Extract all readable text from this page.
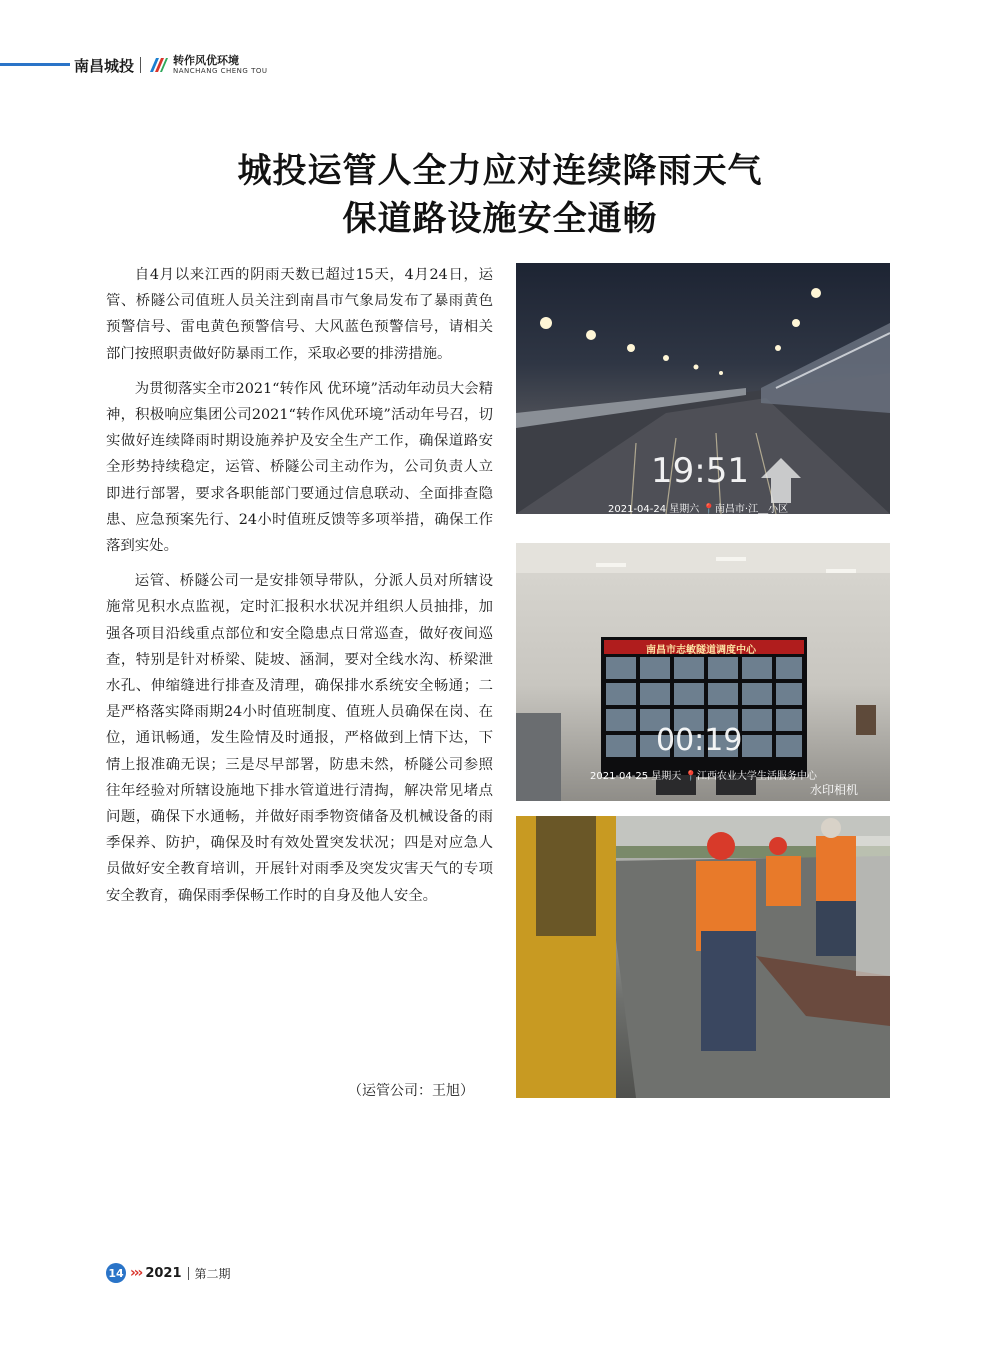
南昌城投	转作风优环境
NANCHANG CHENG TOU
城投运管人全力应对连续降雨天气
保道路设施安全通畅

自4月以来江西的阴雨天数已超过15天，4月24日，运管、桥隧公司值班人员关注到南昌市气象局发布了暴雨黄色预警信号、雷电黄色预警信号、大风蓝色预警信号，请相关部门按照职责做好防暴雨工作，采取必要的排涝措施。

为贯彻落实全市2021“转作风 优环境”活动年动员大会精神，积极响应集团公司2021“转作风优环境”活动年号召，切实做好连续降雨时期设施养护及安全生产工作，确保道路安全形势持续稳定，运管、桥隧公司主动作为，公司负责人立即进行部署，要求各职能部门要通过信息联动、全面排查隐患、应急预案先行、24小时值班反馈等多项举措，确保工作落到实处。

运管、桥隧公司一是安排领导带队，分派人员对所辖设施常见积水点监视，定时汇报积水状况并组织人员抽排，加强各项目沿线重点部位和安全隐患点日常巡查，做好夜间巡查，特别是针对桥梁、陡坡、涵洞，要对全线水沟、桥梁泄水孔、伸缩缝进行排查及清理，确保排水系统安全畅通；二是严格落实降雨期24小时值班制度、值班人员确保在岗、在位，通讯畅通，发生险情及时通报，严格做到上情下达，下情上报准确无误；三是尽早部署，防患未然，桥隧公司参照往年经验对所辖设施地下排水管道进行清掏，解决常见堵点问题，确保下水通畅，并做好雨季物资储备及机械设备的雨季保养、防护，确保及时有效处置突发状况；四是对应急人员做好安全教育培训，开展针对雨季及突发灾害天气的专项安全教育，确保雨季保畅工作时的自身及他人安全。

（运管公司：王旭）
19:51
2021-04-24 星期六 📍南昌市·江__小区
南昌市志敏隧道调度中心
00:19
2021-04-25 星期天 📍江西农业大学生活服务中心
水印相机
14 ››› 2021 第二期
